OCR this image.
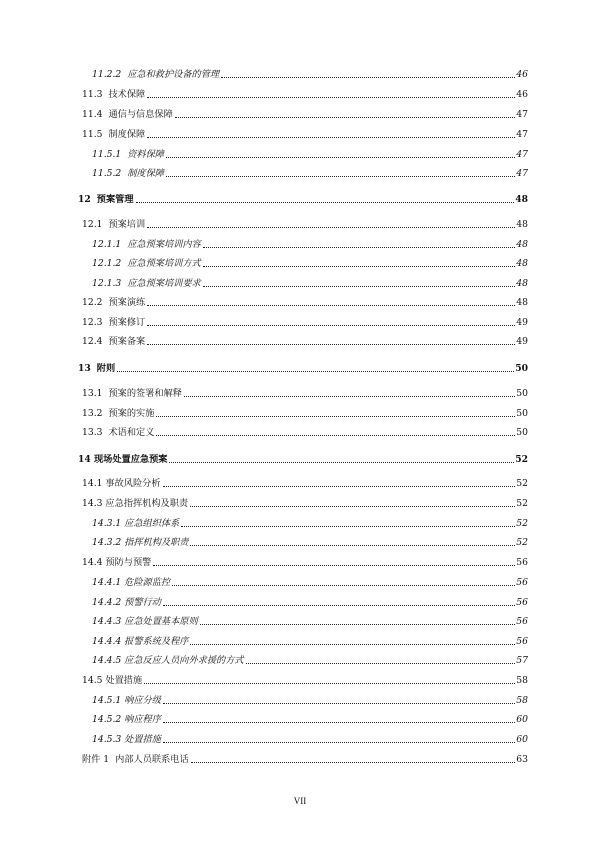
11.2.2 应急和救护设备的管理	46
11.3 技术保障	46
11.4 通信与信息保障	47
11.5 制度保障	47
11.5.1 资料保障	47
11.5.2 制度保障	47
12 预案管理	48
12.1 预案培训	48
12.1.1 应急预案培训内容	48
12.1.2 应急预案培训方式	48
12.1.3 应急预案培训要求	48
12.2 预案演练	48
12.3 预案修订	49
12.4 预案备案	49
13 附则	50
13.1 预案的签署和解释	50
13.2 预案的实施	50
13.3 术语和定义	50
14 现场处置应急预案	52
14.1 事故风险分析	52
14.3 应急指挥机构及职责	52
14.3.1 应急组织体系	52
14.3.2 指挥机构及职责	52
14.4 预防与预警	56
14.4.1 危险源监控	56
14.4.2 预警行动	56
14.4.3 应急处置基本原则	56
14.4.4 报警系统及程序	56
14.4.5 应急反应人员向外求援的方式	57
14.5 处置措施	58
14.5.1 响应分级	58
14.5.2 响应程序	60
14.5.3 处置措施	60
附件 1 内部人员联系电话	63
VII
